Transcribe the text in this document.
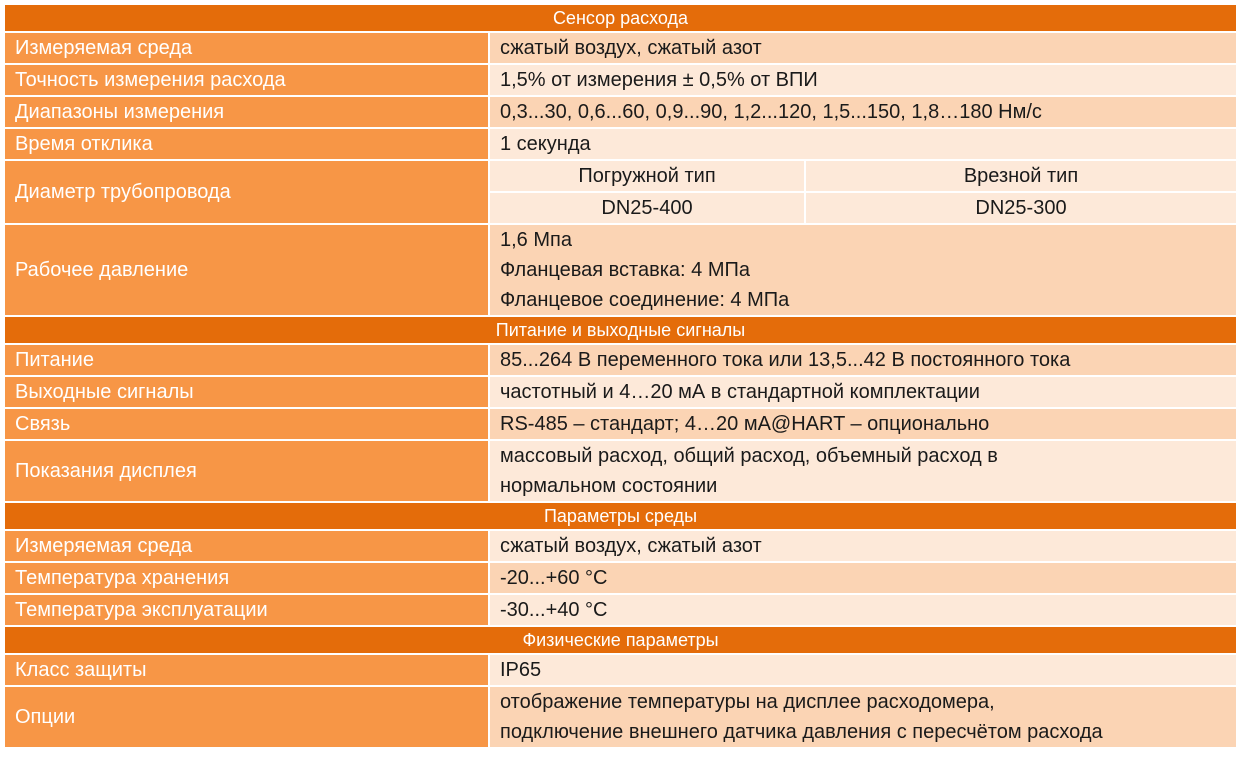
Сенсор расхода		
Измеряемая среда	сжатый воздух, сжатый азот	
Точность измерения расхода	1,5% от измерения ± 0,5% от ВПИ	
Диапазоны измерения	0,3...30, 0,6...60, 0,9...90, 1,2...120, 1,5...150, 1,8…180 Нм/с	
Время отклика	1 секунда	
Диаметр трубопровода	Погружной тип	Врезной тип
	DN25-400	DN25-300
Рабочее давление	1,6 Мпа
Фланцевая вставка: 4 МПа
Фланцевое соединение: 4 МПа	

Питание и выходные сигналы		
Питание	85...264 В переменного тока или 13,5...42 В постоянного тока	
Выходные сигналы	частотный и 4…20 мА в стандартной комплектации	
Связь	RS-485 – стандарт; 4…20 мА@HART – опционально	
Показания дисплея	массовый расход, общий расход, объемный расход в
нормальном состоянии	

Параметры среды		
Измеряемая среда	сжатый воздух, сжатый азот	
Температура хранения	-20...+60 °C	
Температура эксплуатации	-30...+40 °C	
Физические параметры		
Класс защиты	IP65	
Опции	отображение температуры на дисплее расходомера,
подключение внешнего датчика давления с пересчётом расхода	
